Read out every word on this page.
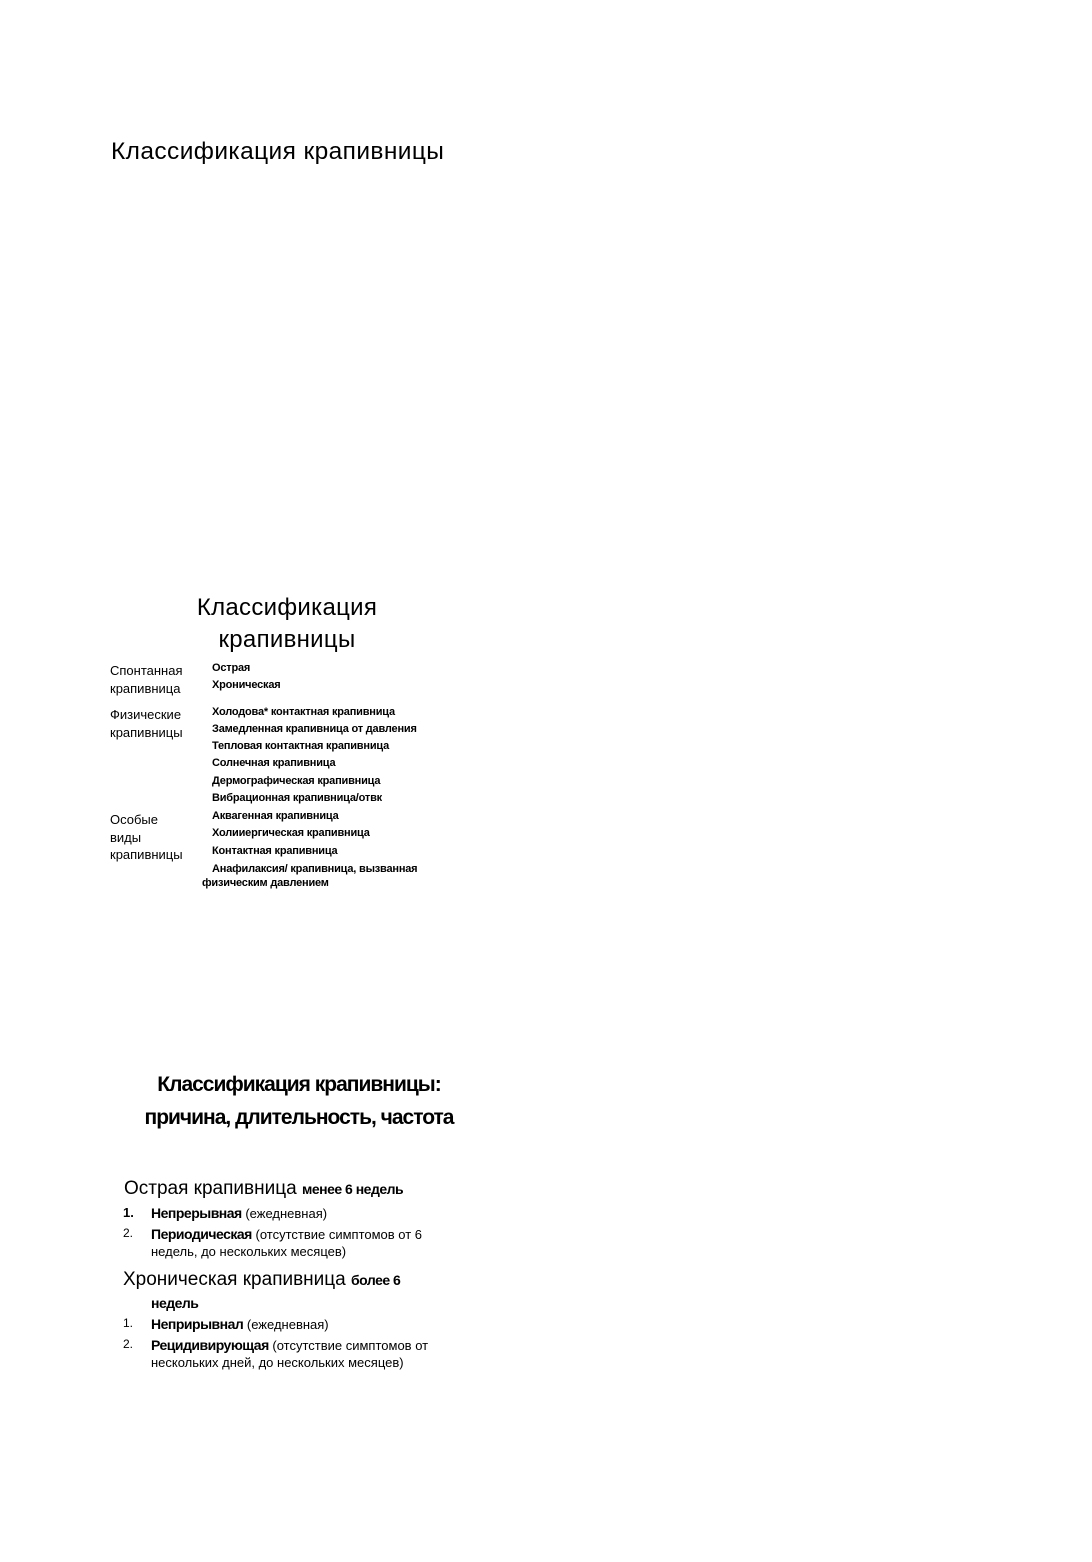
Классификация крапивницы
Классификация
крапивницы
Спонтанная
крапивница
Острая
Хроническая
Физические
крапивницы
Холодова* контактная крапивница
Замедленная крапивница от давления
Тепловая контактная крапивница
Солнечная крапивница
Дермографическая крапивница
Вибрационная крапивница/отвк
Особые
виды
крапивницы
Аквагенная крапивница
Холииергическая крапивница
Контактная крапивница
Анафилаксия/ крапивница, вызванная
физическим давлением
Классификация крапивницы:
причина, длительность, частота
Острая крапивница менее 6 недель
1. Непрерывная (ежедневная)
2. Периодическая (отсутствие симптомов от 6
недель, до нескольких месяцев)
Хроническая крапивница более 6
недель
1. Неприрывнал (ежедневная)
2. Рецидивирующая (отсутствие симптомов от
нескольких дней, до нескольких месяцев)
